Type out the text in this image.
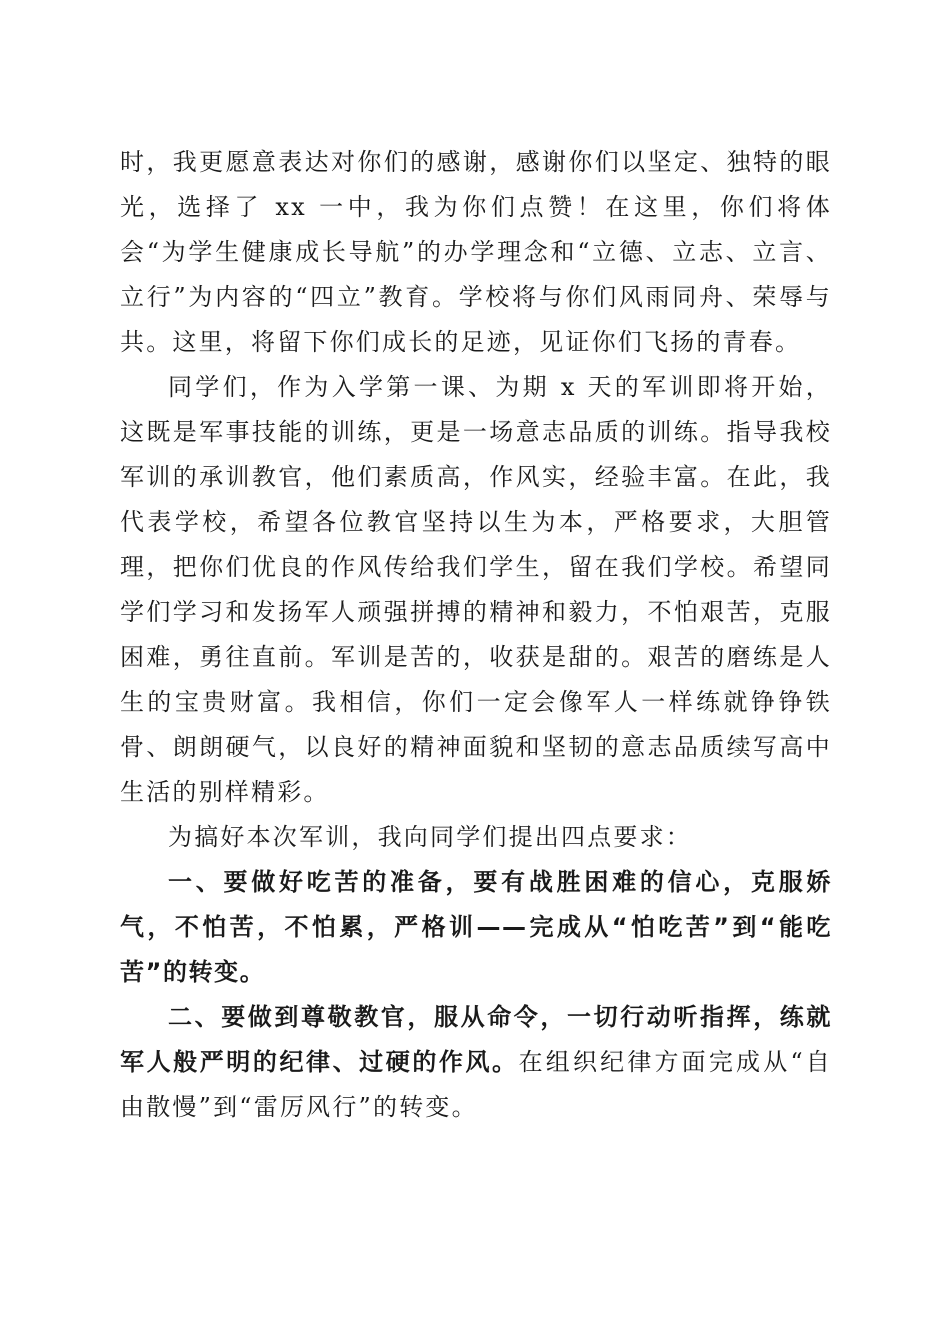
时，我更愿意表达对你们的感谢，感谢你们以坚定、独特的眼光，选择了 xx 一中，我为你们点赞！在这里，你们将体会“为学生健康成长导航”的办学理念和“立德、立志、立言、立行”为内容的“四立”教育。学校将与你们风雨同舟、荣辱与共。这里，将留下你们成长的足迹，见证你们飞扬的青春。

同学们，作为入学第一课、为期 x 天的军训即将开始，这既是军事技能的训练，更是一场意志品质的训练。指导我校军训的承训教官，他们素质高，作风实，经验丰富。在此，我代表学校，希望各位教官坚持以生为本，严格要求，大胆管理，把你们优良的作风传给我们学生，留在我们学校。希望同学们学习和发扬军人顽强拼搏的精神和毅力，不怕艰苦，克服困难，勇往直前。军训是苦的，收获是甜的。艰苦的磨练是人生的宝贵财富。我相信，你们一定会像军人一样练就铮铮铁骨、朗朗硬气，以良好的精神面貌和坚韧的意志品质续写高中生活的别样精彩。

为搞好本次军训，我向同学们提出四点要求：

一、要做好吃苦的准备，要有战胜困难的信心，克服娇气，不怕苦，不怕累，严格训——完成从“怕吃苦”到“能吃苦”的转变。

二、要做到尊敬教官，服从命令，一切行动听指挥，练就军人般严明的纪律、过硬的作风。在组织纪律方面完成从“自由散慢”到“雷厉风行”的转变。
